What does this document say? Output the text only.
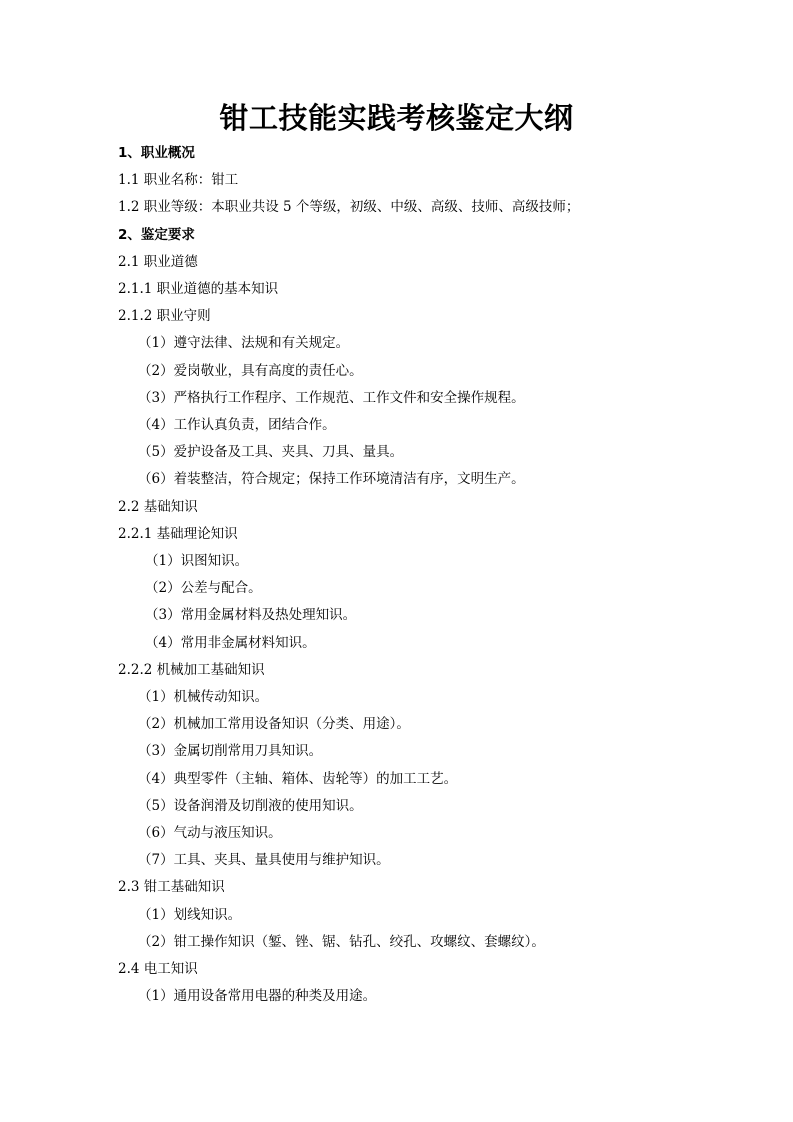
钳工技能实践考核鉴定大纲
1、职业概况
1.1 职业名称：钳工
1.2 职业等级：本职业共设 5 个等级，初级、中级、高级、技师、高级技师；
2、鉴定要求
2.1 职业道德
2.1.1 职业道德的基本知识
2.1.2 职业守则
（1）遵守法律、法规和有关规定。
（2）爱岗敬业，具有高度的责任心。
（3）严格执行工作程序、工作规范、工作文件和安全操作规程。
（4）工作认真负责，团结合作。
（5）爱护设备及工具、夹具、刀具、量具。
（6）着装整洁，符合规定；保持工作环境清洁有序，文明生产。
2.2 基础知识
2.2.1 基础理论知识
（1）识图知识。
（2）公差与配合。
（3）常用金属材料及热处理知识。
（4）常用非金属材料知识。
2.2.2 机械加工基础知识
（1）机械传动知识。
（2）机械加工常用设备知识（分类、用途）。
（3）金属切削常用刀具知识。
（4）典型零件（主轴、箱体、齿轮等）的加工工艺。
（5）设备润滑及切削液的使用知识。
（6）气动与液压知识。
（7）工具、夹具、量具使用与维护知识。
2.3 钳工基础知识
（1）划线知识。
（2）钳工操作知识（錾、锉、锯、钻孔、绞孔、攻螺纹、套螺纹）。
2.4 电工知识
（1）通用设备常用电器的种类及用途。
